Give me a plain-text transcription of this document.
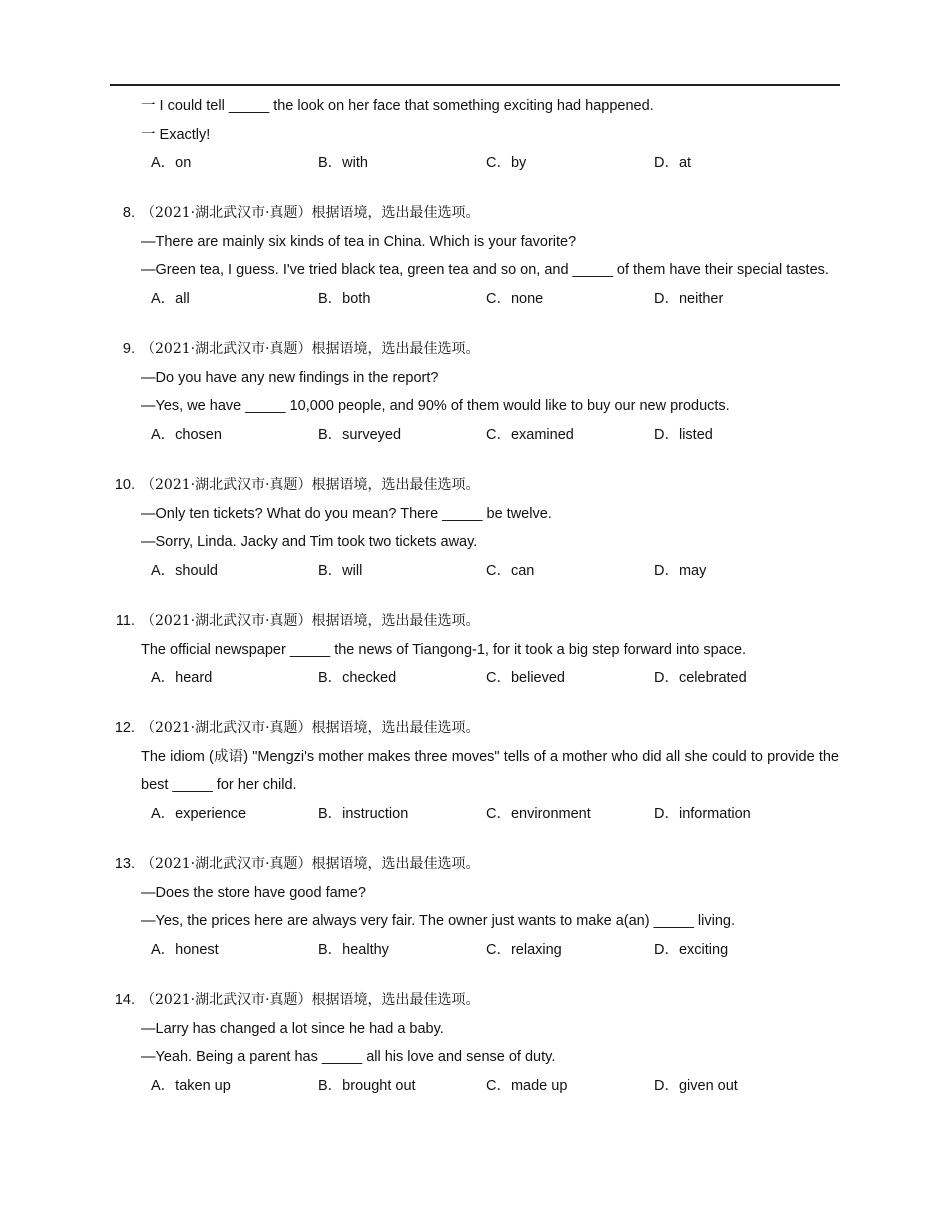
一 I could tell _____ the look on her face that something exciting had happened.
一 Exactly!
A．on	B．with	C．by	D．at
8. （2021·湖北武汉市·真题）根据语境，选出最佳选项。
—There are mainly six kinds of tea in China. Which is your favorite?
—Green tea, I guess. I've tried black tea, green tea and so on, and _____ of them have their special tastes.
A．all	B．both	C．none	D．neither
9. （2021·湖北武汉市·真题）根据语境，选出最佳选项。
—Do you have any new findings in the report?
—Yes, we have _____ 10,000 people, and 90% of them would like to buy our new products.
A．chosen	B．surveyed	C．examined	D．listed
10. （2021·湖北武汉市·真题）根据语境，选出最佳选项。
—Only ten tickets? What do you mean? There _____ be twelve.
—Sorry, Linda. Jacky and Tim took two tickets away.
A．should	B．will	C．can	D．may
11. （2021·湖北武汉市·真题）根据语境，选出最佳选项。
The official newspaper _____ the news of Tiangong-1, for it took a big step forward into space.
A．heard	B．checked	C．believed	D．celebrated
12. （2021·湖北武汉市·真题）根据语境，选出最佳选项。
The idiom (成语) "Mengzi's mother makes three moves" tells of a mother who did all she could to provide the best _____ for her child.
A．experience	B．instruction	C．environment	D．information
13. （2021·湖北武汉市·真题）根据语境，选出最佳选项。
—Does the store have good fame?
—Yes, the prices here are always very fair. The owner just wants to make a(an) _____ living.
A．honest	B．healthy	C．relaxing	D．exciting
14. （2021·湖北武汉市·真题）根据语境，选出最佳选项。
—Larry has changed a lot since he had a baby.
—Yeah. Being a parent has _____ all his love and sense of duty.
A．taken up	B．brought out	C．made up	D．given out
